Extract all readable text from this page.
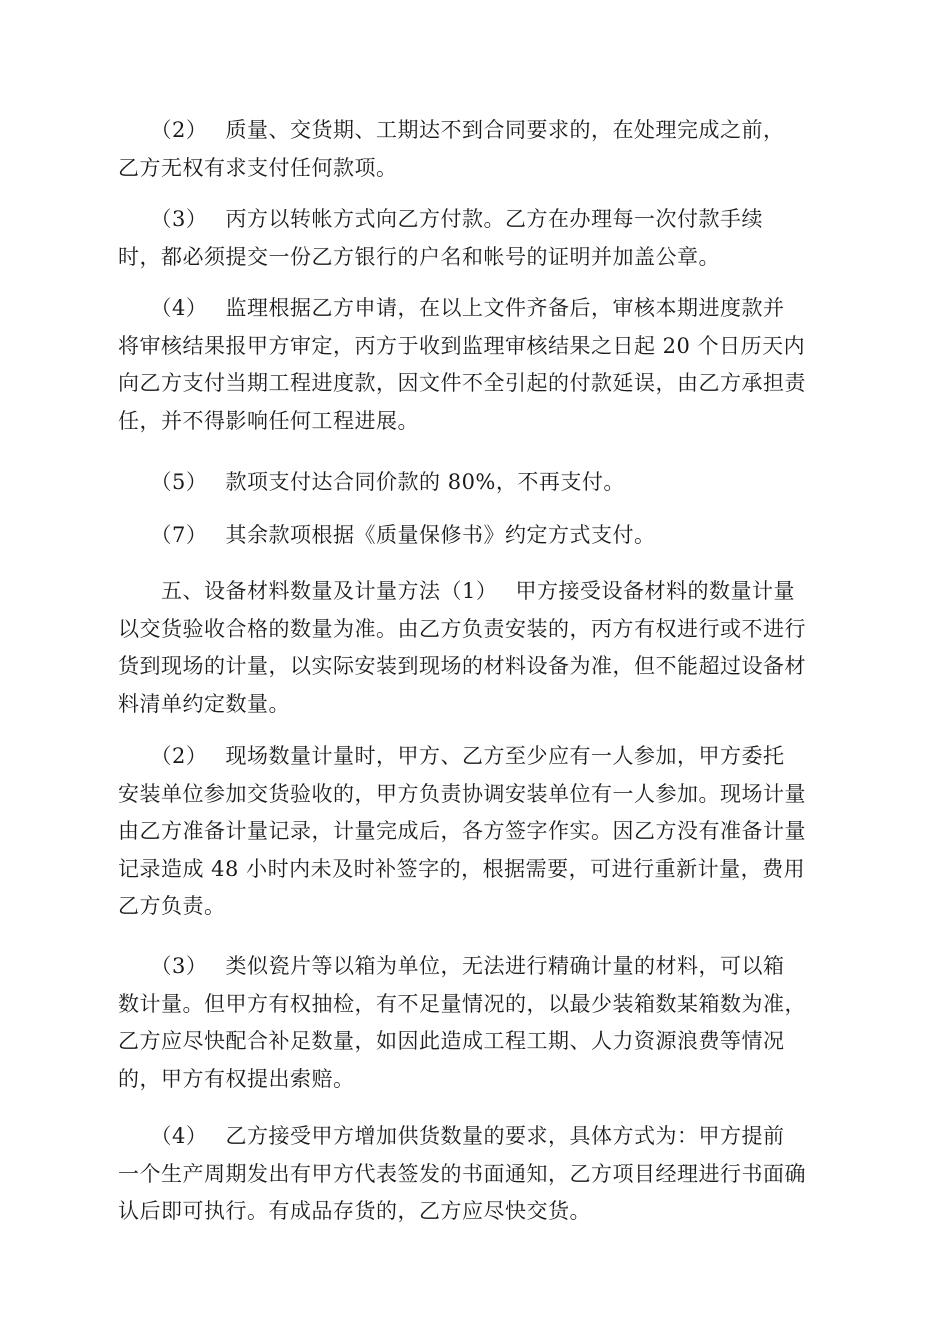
　　（2）　 质量、交货期、工期达不到合同要求的，在处理完成之前，
乙方无权有求支付任何款项。
　　（3）　 丙方以转帐方式向乙方付款。乙方在办理每一次付款手续
时，都必须提交一份乙方银行的户名和帐号的证明并加盖公章。
　　（4）　 监理根据乙方申请，在以上文件齐备后，审核本期进度款并
将审核结果报甲方审定，丙方于收到监理审核结果之日起 20 个日历天内
向乙方支付当期工程进度款，因文件不全引起的付款延误，由乙方承担责
任，并不得影响任何工程进展。
　　（5）　 款项支付达合同价款的 80%，不再支付。
　　（7）　 其余款项根据《质量保修书》约定方式支付。
　　五、设备材料数量及计量方法（1）　 甲方接受设备材料的数量计量
以交货验收合格的数量为准。由乙方负责安装的，丙方有权进行或不进行
货到现场的计量，以实际安装到现场的材料设备为准，但不能超过设备材
料清单约定数量。
　　（2）　 现场数量计量时，甲方、乙方至少应有一人参加，甲方委托
安装单位参加交货验收的，甲方负责协调安装单位有一人参加。现场计量
由乙方准备计量记录，计量完成后，各方签字作实。因乙方没有准备计量
记录造成 48 小时内未及时补签字的，根据需要，可进行重新计量，费用
乙方负责。
　　（3）　 类似瓷片等以箱为单位，无法进行精确计量的材料，可以箱
数计量。但甲方有权抽检，有不足量情况的，以最少装箱数某箱数为准，
乙方应尽快配合补足数量，如因此造成工程工期、人力资源浪费等情况
的，甲方有权提出索赔。
　　（4）　 乙方接受甲方增加供货数量的要求，具体方式为：甲方提前
一个生产周期发出有甲方代表签发的书面通知，乙方项目经理进行书面确
认后即可执行。有成品存货的，乙方应尽快交货。
